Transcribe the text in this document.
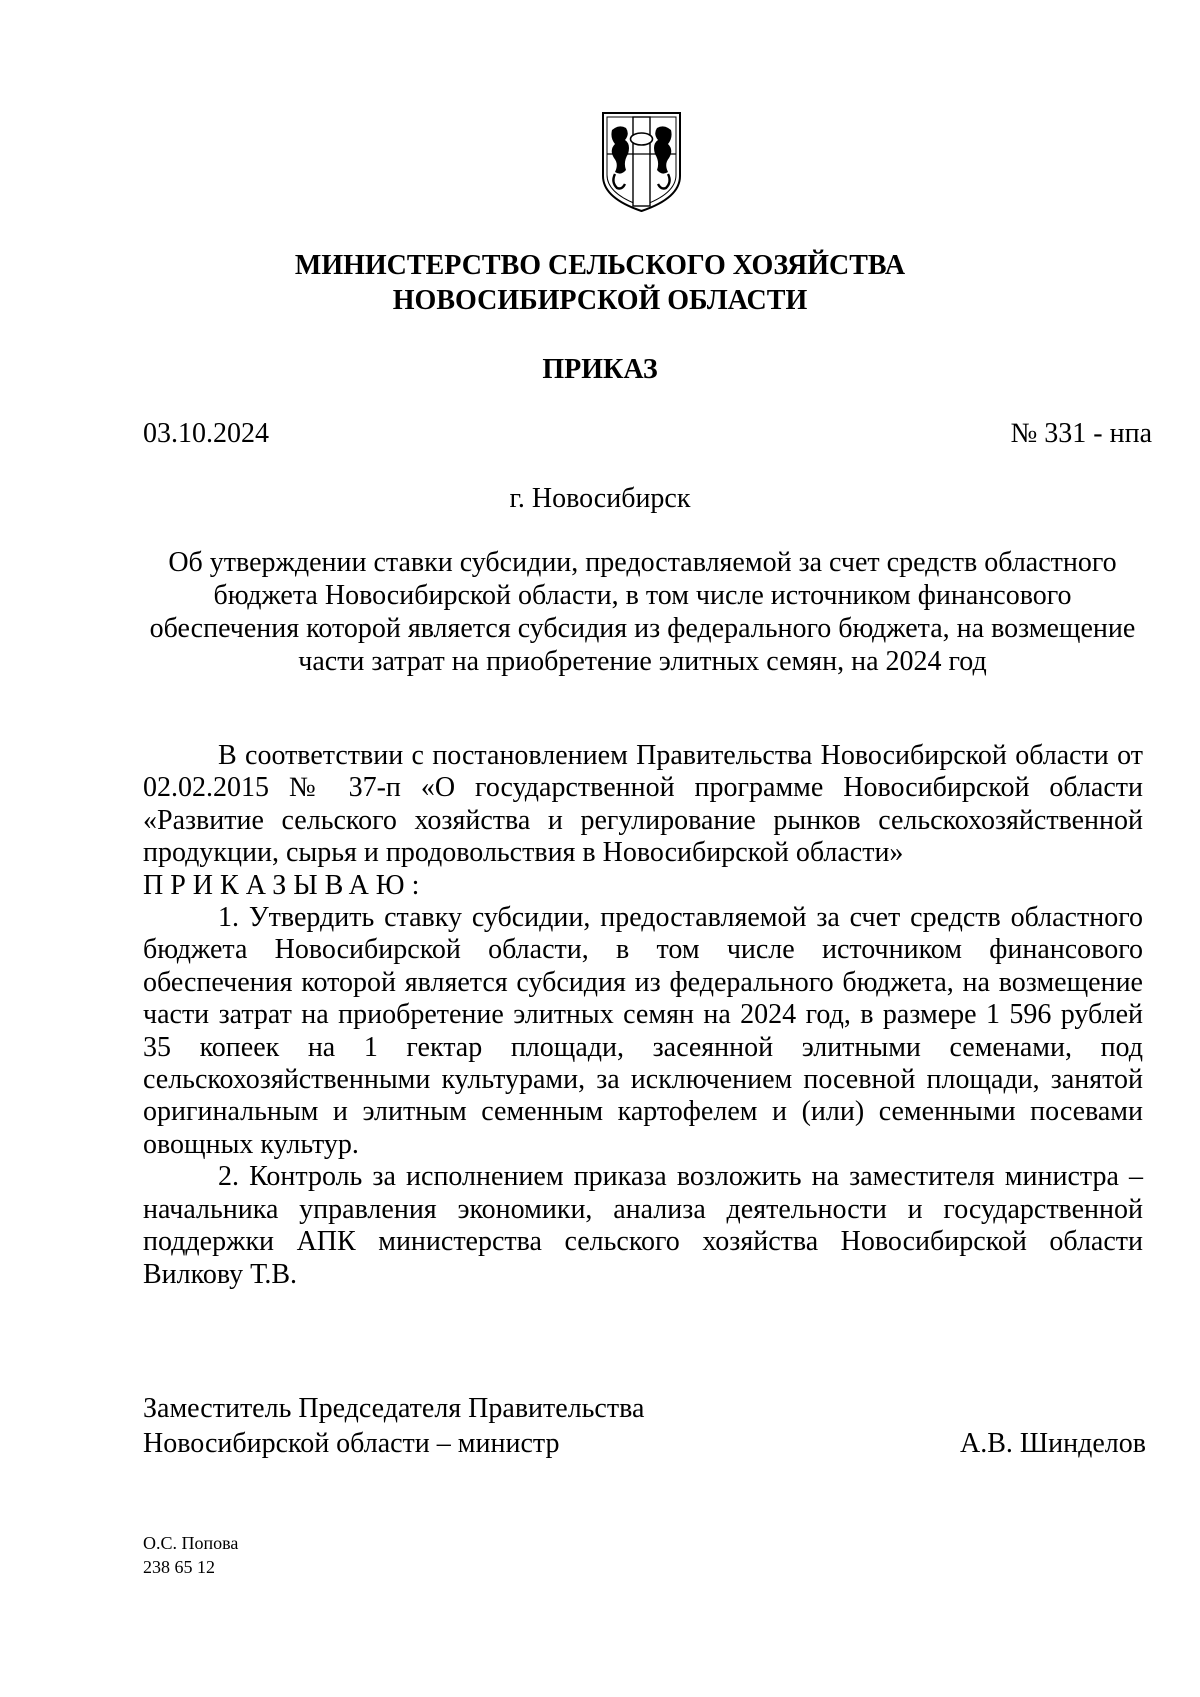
МИНИСТЕРСТВО СЕЛЬСКОГО ХОЗЯЙСТВА
НОВОСИБИРСКОЙ ОБЛАСТИ
ПРИКАЗ
03.10.2024	№ 331 - нпа
г. Новосибирск
Об утверждении ставки субсидии, предоставляемой за счет средств областного бюджета Новосибирской области, в том числе источником финансового обеспечения которой является субсидия из федерального бюджета, на возмещение части затрат на приобретение элитных семян, на 2024 год

В соответствии с постановлением Правительства Новосибирской области от 02.02.2015 № 37-п «О государственной программе Новосибирской области «Развитие сельского хозяйства и регулирование рынков сельскохозяйственной продукции, сырья и продовольствия в Новосибирской области»

ПРИКАЗЫВАЮ:

1. Утвердить ставку субсидии, предоставляемой за счет средств областного бюджета Новосибирской области, в том числе источником финансового обеспечения которой является субсидия из федерального бюджета, на возмещение части затрат на приобретение элитных семян на 2024 год, в размере 1 596 рублей 35 копеек на 1 гектар площади, засеянной элитными семенами, под сельскохозяйственными культурами, за исключением посевной площади, занятой оригинальным и элитным семенным картофелем и (или) семенными посевами овощных культур.

2. Контроль за исполнением приказа возложить на заместителя министра – начальника управления экономики, анализа деятельности и государственной поддержки АПК министерства сельского хозяйства Новосибирской области Вилкову Т.В.

Заместитель Председателя Правительства
Новосибирской области – министр	А.В. Шинделов
О.С. Попова
238 65 12
